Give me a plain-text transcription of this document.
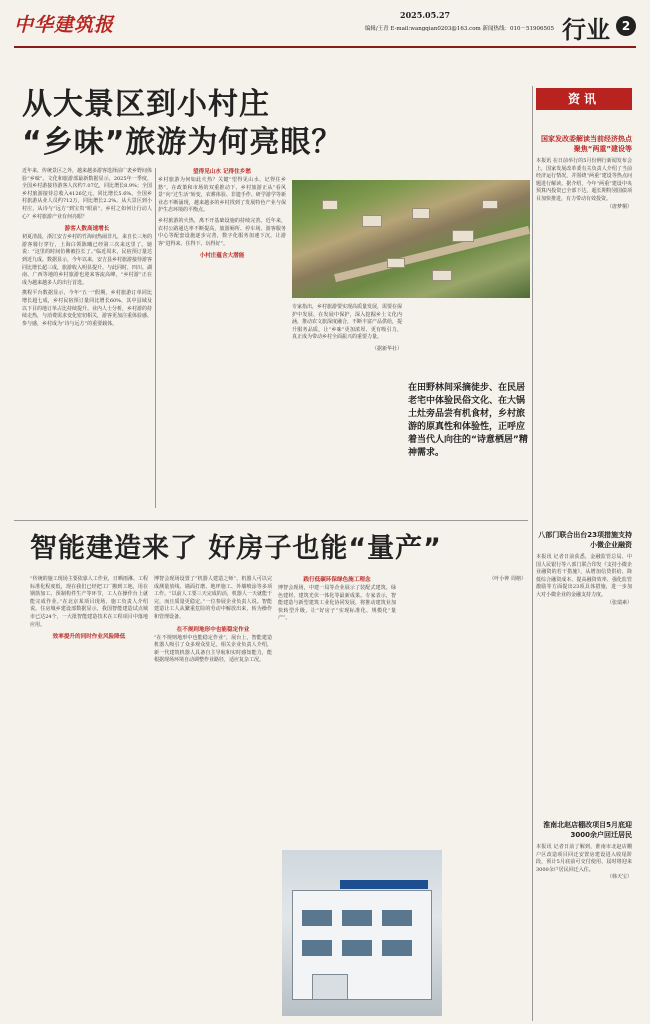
中华建筑报	2025.05.27
编辑/王青 E-mail:wangqian0203@163.com 新闻热线：010－51906505 行业 2
从大景区到小村庄
“乡味”旅游为何亮眼？

近年来，传统景区之外，越来越多游客选择前广袤乡野间体验“乡味”。文化和旅游部最新数据显示，2025年一季度，全国乡村游接待游客人次约7.07亿，同比增长8.9%；全国乡村旅游接待总收入4126亿元，同比增长5.6%。全国乡村旅游从业人员约712万，同比增长2.2%。从大景区到小村庄，从诗与“远方”到宝贵“眼前”，乡村之如何让行动人心？乡村旅游产业有何亮眼？

游客人数高速增长

初夏清晨，浙江安吉乡村的竹海间热闹非凡，来自长三角的游客骑行穿行，上海白领陈曦已经第三次来这里了。她说：“这里的时间仿佛被拉长了。”临近周末，民宿预订量达到近九成。数据显示，今年以来，安吉县乡村旅游接待游客同比增长超三成，旅游收入明显提升。与此同时，四川、湖南、广西等地的乡村旅游也迎来客流高峰，“乡村游”正在成为越来越多人的出行首选。

携程平台数据显示，今年“五一”假期，乡村旅游订单同比增长超七成，乡村民宿预订量同比增长60%，其中县域及以下目的地订单占比持续提升。业内人士分析，乡村游的持续走热，与消费需求变化密切相关，游客更加注重体验感、参与感，乡村成为“诗与远方”的重要载体。

望得见山水 记得住乡愁

乡村旅游为何如此火热？关键“望得见山水、记得住乡愁”。在政策和市场的双重推动下，乡村旅游正从“看风景”向“过生活”转变，农耕体验、非遗手作、研学游学等新业态不断涌现，越来越多的乡村找到了发展特色产业与保护生态环境的平衡点。

乡村旅游的火热，离不开基础设施的持续完善。近年来，农村公路通达率不断提高，旅游厕所、停车场、游客服务中心等配套设施逐步完善，数字化服务加速下沉，让游客“进得来、住得下、玩得好”。

小村庄蕴含大潜能

专家指出，乡村旅游要实现高质量发展，需要在保护中发展、在发展中保护，深入挖掘乡土文化内涵，推动农文旅深度融合，不断丰富产品供给，提升服务品质，让“乡味”更加浓厚、更有吸引力，真正成为带动乡村全面振兴的重要力量。

（据新华社）

在田野林间采摘徒步、在民居老宅中体验民俗文化、在大锅土灶旁品尝有机食材，乡村旅游的原真性和体验性，正呼应着当代人向往的“诗意栖居”精神需求。
资讯

国家发改委解读当前经济热点聚焦“两重”建设等

本报讯 在日前举行的5月份例行新闻发布会上，国家发展改革委有关负责人介绍了当前经济运行情况，并围绕“两重”建设等热点问题进行解读。据介绍，今年“两重”建设中央预算内投资已全部下达，超长期特别国债项目加快推进，有力带动有效投资。

（唐梦桐）

八部门联合出台23项措施支持小微企业融资

本报讯 记者日前获悉，金融监管总局、中国人民银行等八部门联合印发《支持小微企业融资的若干措施》，从增加信贷供给、降低综合融资成本、提高融资效率、强化监管激励等方面提出23项具体措施，进一步加大对小微企业的金融支持力度。

（张瑞素）

淮南北赵店棚改项目5月底迎3000余户回迁居民

本报讯 记者日前了解到，淮南市北赵店棚户区改造项目回迁安置房建设进入收尾阶段，预计5月底前可交付使用，届时将迎来3000余户居民回迁入住。

（韩天宝）

智能建造来了 好房子也能“量产”

“传统的施工现场主要依靠人工作业，日晒雨淋、工程标准化程度低，现在我们已经把工厂搬到工地，用在钢筋加工、预制构件生产等环节，工人在操作台上就能完成作业。”在北京某项目现场，施工负责人介绍说。住房城乡建设部数据显示，我国智能建造试点城市已达24个，一大批智能建造技术在工程项目中落地应用。

效率提升的同时作业风险降低

博智会现场设置了“机器人建造之师”，机器人可以完成测量放线、墙面打磨、地坪施工、外墙喷涂等多项工作。“以前人工要三天完成的活，机器人一天就能干完，而且质量更稳定。”一位参展企业负责人说。智能建造让工人从繁重危险的劳动中解放出来，转为操作和管理设备。

在不规则地形中也能稳定作业

“在不规则地形中也能稳定作业”，展台上，智能建造机器人吸引了众多观众驻足。相关企业负责人介绍，新一代建筑机器人具备自主导航和实时感知能力，能根据现场环境自动调整作业路径，适应复杂工况。

践行低碳环保绿色施工理念

博智会现场，中建一局等企业展示了装配式建筑、绿色建材、建筑光伏一体化等最新成果。专家表示，智能建造与新型建筑工业化协同发展，将推动建筑业加快转型升级，让“好房子”实现标准化、规模化“量产”。

（叶小钟 周榕）
